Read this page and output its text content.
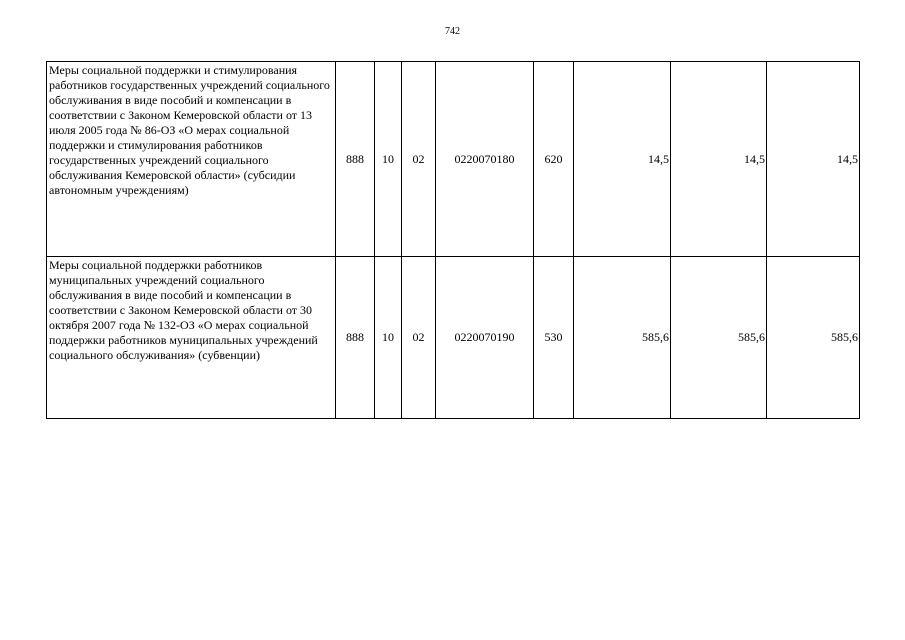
742
Меры социальной поддержки и стимулирования работников государственных учреждений социального обслуживания в виде пособий и компенсации в соответствии с Законом Кемеровской области от 13 июля 2005 года № 86-ОЗ «О мерах социальной поддержки и стимулирования работников государственных учреждений социального обслуживания Кемеровской области» (субсидии автономным учреждениям)	888	10	02	0220070180	620	14,5	14,5	14,5
Меры социальной поддержки работников муниципальных учреждений социального обслуживания в виде пособий и компенсации в соответствии с Законом Кемеровской области от 30 октября 2007 года № 132-ОЗ «О мерах социальной поддержки работников муниципальных учреждений социального обслуживания» (субвенции)	888	10	02	0220070190	530	585,6	585,6	585,6
